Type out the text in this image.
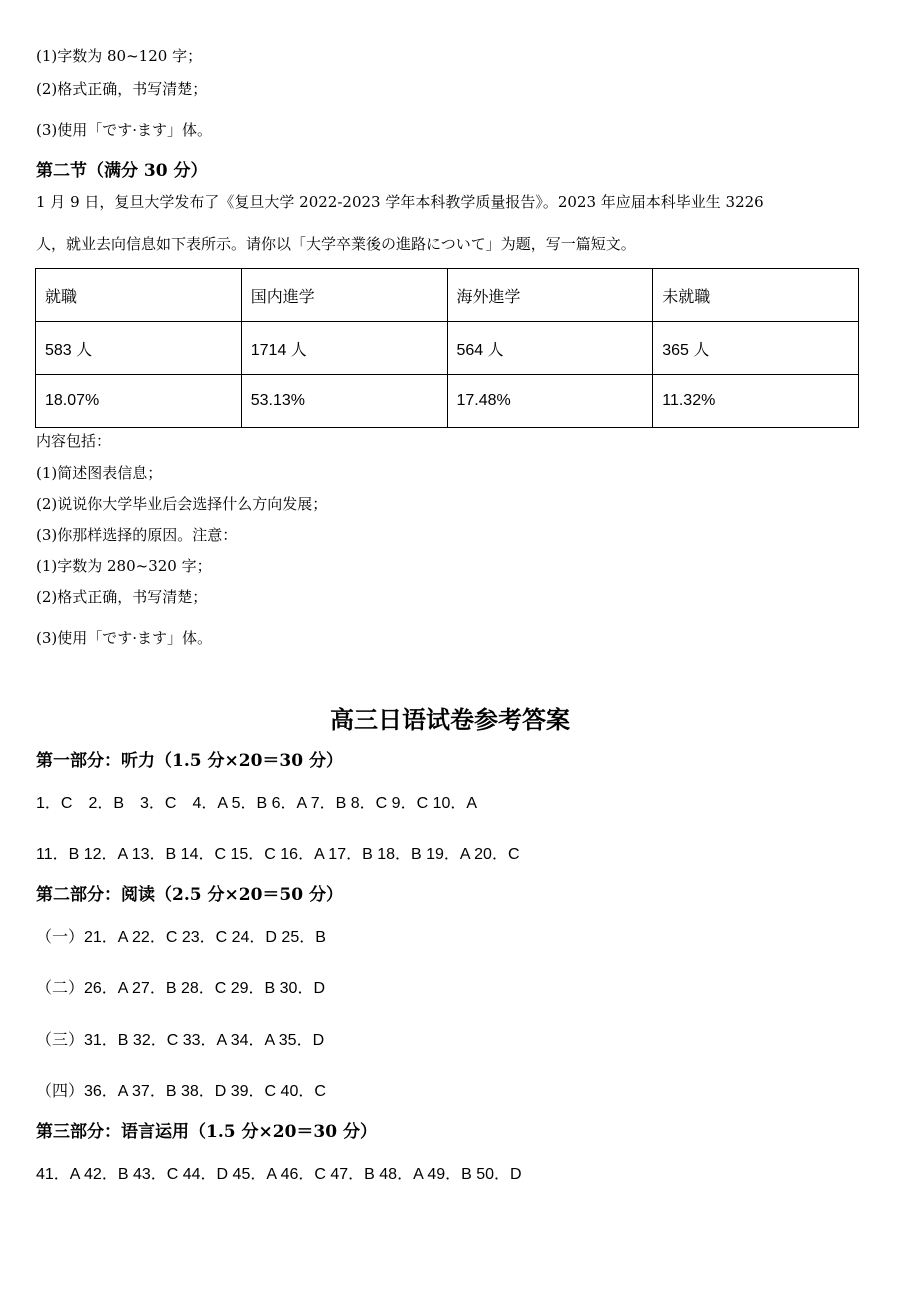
(1)字数为 80~120 字；
(2)格式正确，书写清楚；
(3)使用「です·ます」体。
第二节（满分 30 分）
1 月 9 日，复旦大学发布了《复旦大学 2022-2023 学年本科教学质量报告》。2023 年应届本科毕业生 3226
人，就业去向信息如下表所示。请你以「大学卒業後の進路について」为题，写一篇短文。
就職	国内進学	海外進学	未就職
583 人	1714 人	564 人	365 人
18.07%	53.13%	17.48%	11.32%
内容包括：
(1)简述图表信息；
(2)说说你大学毕业后会选择什么方向发展；
(3)你那样选择的原因。注意：
(1)字数为 280~320 字；
(2)格式正确，书写清楚；
(3)使用「です·ます」体。
高三日语试卷参考答案
第一部分：听力（1.5 分×20＝30 分）
1．C　2．B　3．C　4．A 5．B 6．A 7．B 8．C 9．C 10．A
11．B 12．A 13．B 14．C 15．C 16．A 17．B 18．B 19．A 20．C
第二部分：阅读（2.5 分×20＝50 分）
（一）21．A 22．C 23．C 24．D 25．B
（二）26．A 27．B 28．C 29．B 30．D
（三）31．B 32．C 33．A 34．A 35．D
（四）36．A 37．B 38．D 39．C 40．C
第三部分：语言运用（1.5 分×20＝30 分）
41．A 42．B 43．C 44．D 45．A 46．C 47．B 48．A 49．B 50．D
